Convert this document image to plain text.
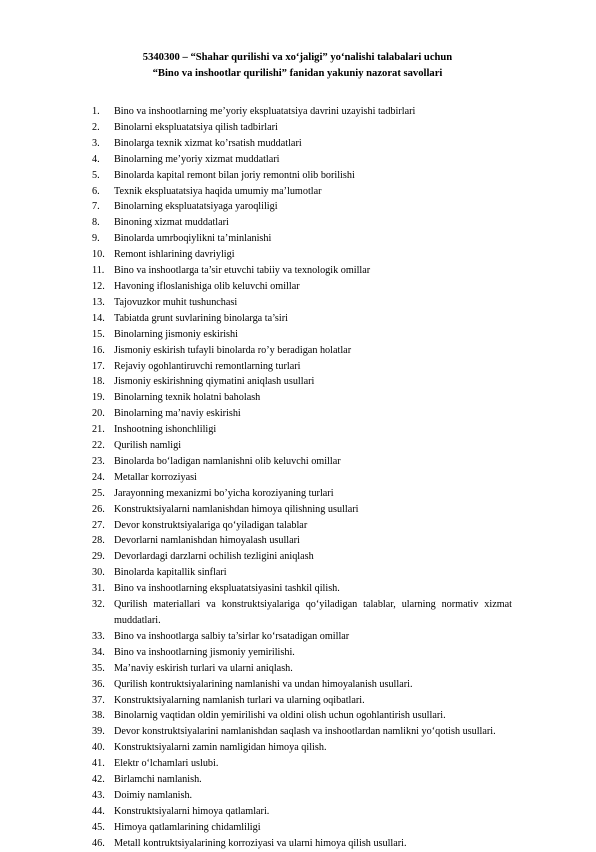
5340300 – “Shahar qurilishi va xo‘jaligi” yo‘nalishi talabalari uchun
“Bino va inshootlar qurilishi” fanidan yakuniy nazorat savollari
1.	Bino va inshootlarning me’yoriy ekspluatatsiya davrini uzayishi tadbirlari
2.	Binolarni ekspluatatsiya qilish tadbirlari
3.	Binolarga texnik xizmat ko’rsatish muddatlari
4.	Binolarning me’yoriy xizmat muddatlari
5.	Binolarda kapital remont bilan joriy remontni olib borilishi
6.	Texnik ekspluatatsiya haqida umumiy ma’lumotlar
7.	Binolarning ekspluatatsiyaga yaroqliligi
8.	Binoning xizmat muddatlari
9.	Binolarda umrboqiylikni ta’minlanishi
10. Remont ishlarining davriyligi
11. Bino va inshootlarga ta’sir etuvchi tabiiy va texnologik omillar
12. Havoning ifloslanishiga olib keluvchi omillar
13. Tajovuzkor muhit tushunchasi
14. Tabiatda grunt suvlarining binolarga ta’siri
15. Binolarning jismoniy eskirishi
16. Jismoniy eskirish tufayli binolarda ro’y beradigan holatlar
17. Rejaviy ogohlantiruvchi remontlarning turlari
18. Jismoniy eskirishning qiymatini aniqlash usullari
19. Binolarning texnik holatni baholash
20. Binolarning ma’naviy eskirishi
21. Inshootning ishonchliligi
22. Qurilish namligi
23. Binolarda bo‘ladigan namlanishni olib keluvchi omillar
24. Metallar korroziyasi
25. Jarayonning mexanizmi bo’yicha koroziyaning turlari
26. Konstruktsiyalarni namlanishdan himoya qilishning usullari
27. Devor konstruktsiyalariga qo‘yiladigan talablar
28. Devorlarni namlanishdan himoyalash usullari
29. Devorlardagi darzlarni ochilish tezligini aniqlash
30. Binolarda kapitallik sinflari
31. Bino va inshootlarning ekspluatatsiyasini tashkil qilish.
32. Qurilish materiallari va konstruktsiyalariga qo‘yiladigan talablar, ularning normativ xizmat muddatlari.
33. Bino va inshootlarga salbiy ta’sirlar ko‘rsatadigan omillar
34. Bino va inshootlarning jismoniy yemirilishi.
35. Ma’naviy eskirish turlari va ularni aniqlash.
36. Qurilish kontruktsiyalarining namlanishi va undan himoyalanish usullari.
37. Konstruktsiyalarning namlanish turlari va ularning oqibatlari.
38. Binolarnig vaqtidan oldin yemirilishi va oldini olish uchun ogohlantirish usullari.
39. Devor konstruktsiyalarini namlanishdan saqlash va inshootlardan namlikni yo‘qotish usullari.
40. Konstruktsiyalarni zamin namligidan himoya qilish.
41. Elektr o‘lchamlari uslubi.
42. Birlamchi namlanish.
43. Doimiy namlanish.
44. Konstruktsiyalarni himoya qatlamlari.
45. Himoya qatlamlarining chidamliligi
46. Metall kontruktsiyalarining korroziyasi va ularni himoya qilish usullari.
